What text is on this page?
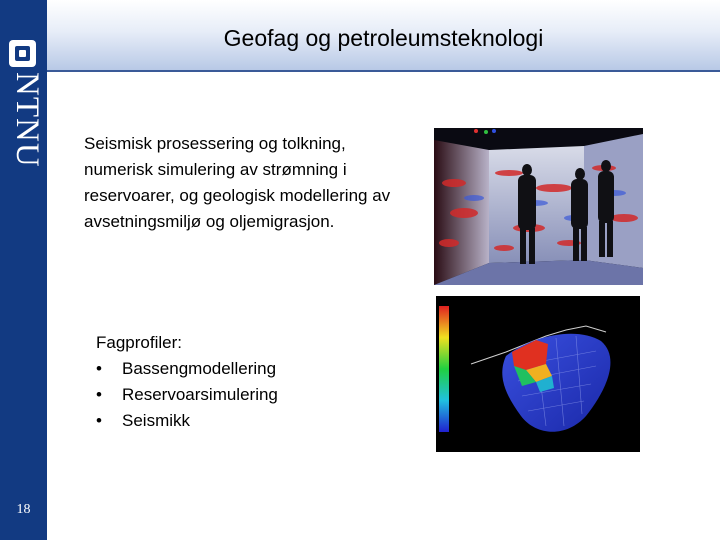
NTNU
18
Geofag og petroleumsteknologi
Seismisk prosessering og tolkning, numerisk simulering av strømning i reservoarer, og geologisk modellering av avsetningsmiljø og oljemigrasjon.
Fagprofiler:
• Bassengmodellering
• Reservoarsimulering
• Seismikk
